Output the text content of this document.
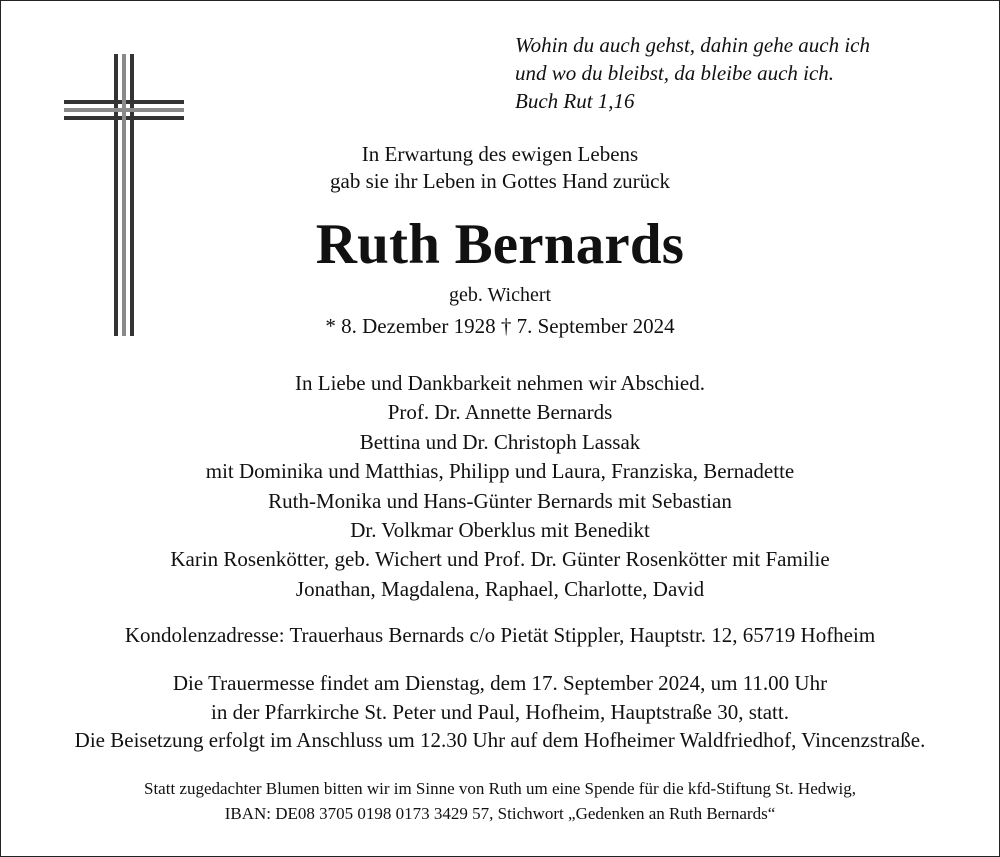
Wohin du auch gehst, dahin gehe auch ich
und wo du bleibst, da bleibe auch ich.
Buch Rut 1,16
In Erwartung des ewigen Lebens
gab sie ihr Leben in Gottes Hand zurück
Ruth Bernards
geb. Wichert
* 8. Dezember 1928 † 7. September 2024
In Liebe und Dankbarkeit nehmen wir Abschied.
Prof. Dr. Annette Bernards
Bettina und Dr. Christoph Lassak
mit Dominika und Matthias, Philipp und Laura, Franziska, Bernadette
Ruth-Monika und Hans-Günter Bernards mit Sebastian
Dr. Volkmar Oberklus mit Benedikt
Karin Rosenkötter, geb. Wichert und Prof. Dr. Günter Rosenkötter mit Familie
Jonathan, Magdalena, Raphael, Charlotte, David
Kondolenzadresse: Trauerhaus Bernards c/o Pietät Stippler, Hauptstr. 12, 65719 Hofheim
Die Trauermesse findet am Dienstag, dem 17. September 2024, um 11.00 Uhr
in der Pfarrkirche St. Peter und Paul, Hofheim, Hauptstraße 30, statt.
Die Beisetzung erfolgt im Anschluss um 12.30 Uhr auf dem Hofheimer Waldfriedhof, Vincenzstraße.
Statt zugedachter Blumen bitten wir im Sinne von Ruth um eine Spende für die kfd-Stiftung St. Hedwig,
IBAN: DE08 3705 0198 0173 3429 57, Stichwort „Gedenken an Ruth Bernards“
